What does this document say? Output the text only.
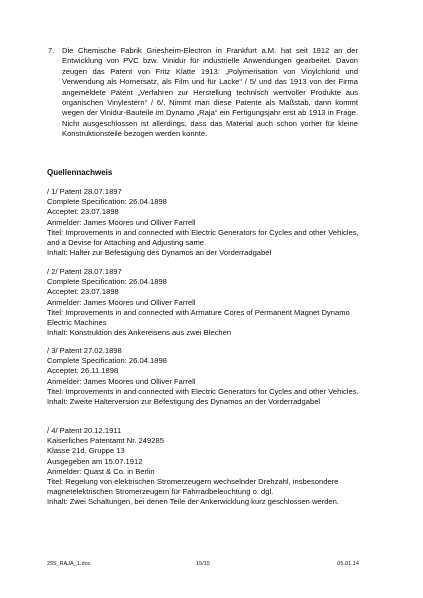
7. Die Chemische Fabrik Griesheim-Electron in Frankfurt a.M. hat seit 1912 an der Entwicklung von PVC bzw. Vinidur für industrielle Anwendungen gearbeitet. Davon zeugen das Patent von Fritz Klatte 1913: „Polymerisation von Vinylchlorid und Verwendung als Hornersatz, als Film und für Lacke“ / 5/ und das 1913 von der Firma angemeldete Patent „Verfahren zur Herstellung technisch wertvoller Produkte aus organischen Vinylestern“ / 6/. Nimmt man diese Patente als Maßstab, dann kommt wegen der Vinidur-Bauteile im Dynamo „Raja“ ein Fertigungsjahr erst ab 1913 in Frage. Nicht ausgeschlossen ist allerdings, dass das Material auch schon vorher für kleine Konstruktionsteile bezogen werden konnte.
Quellennachweis
/ 1/ Patent 28.07.1897
Complete Specification: 26.04.1898
Acceptet: 23.07.1898
Anmelder: James Moores und Olliver Farrell
Titel: Improvements in and connected with Electric Generators for Cycles and other Vehicles, and a Devise for Attaching and Adjusting same.
Inhalt: Halter zur Befestigung des Dynamos an der Vorderradgabel
/ 2/ Patent 28.07.1897
Complete Specification: 26.04.1898
Acceptet: 23.07.1898
Anmelder: James Moores und Olliver Farrell
Titel: Improvements in and connected with Armature Cores of Permanent Magnet Dynamo Electric Machines
Inhalt: Konstruktion des Ankereisens aus zwei Blechen
/ 3/ Patent 27.02.1898
Complete Specification: 26.04.1898
Acceptet: 26.11.1898
Anmelder: James Moores und Olliver Farrell
Titel: Improvements in and connected with Electric Generators for Cycles and other Vehicles.
Inhalt: Zweite Halterversion zur Befestigung des Dynamos an der Vorderradgabel
/ 4/ Patent 20.12.1911
Kaiserliches Patentamt Nr. 249285
Klasse 21d. Gruppe 13
Ausgegeben am 15.07.1912
Anmelder: Quast & Co. in Berlin
Titel: Regelung von elektrischen Stromerzeugern wechselnder Drehzahl, insbesondere magnetelektrischen Stromerzeugern für Fahrradbeleuchtung o. dgl.
Inhalt: Zwei Schaltungen, bei denen Teile der Ankerwicklung kurz geschlossen werden.
255_RAJA_1.doc	15/15	05.01.14
